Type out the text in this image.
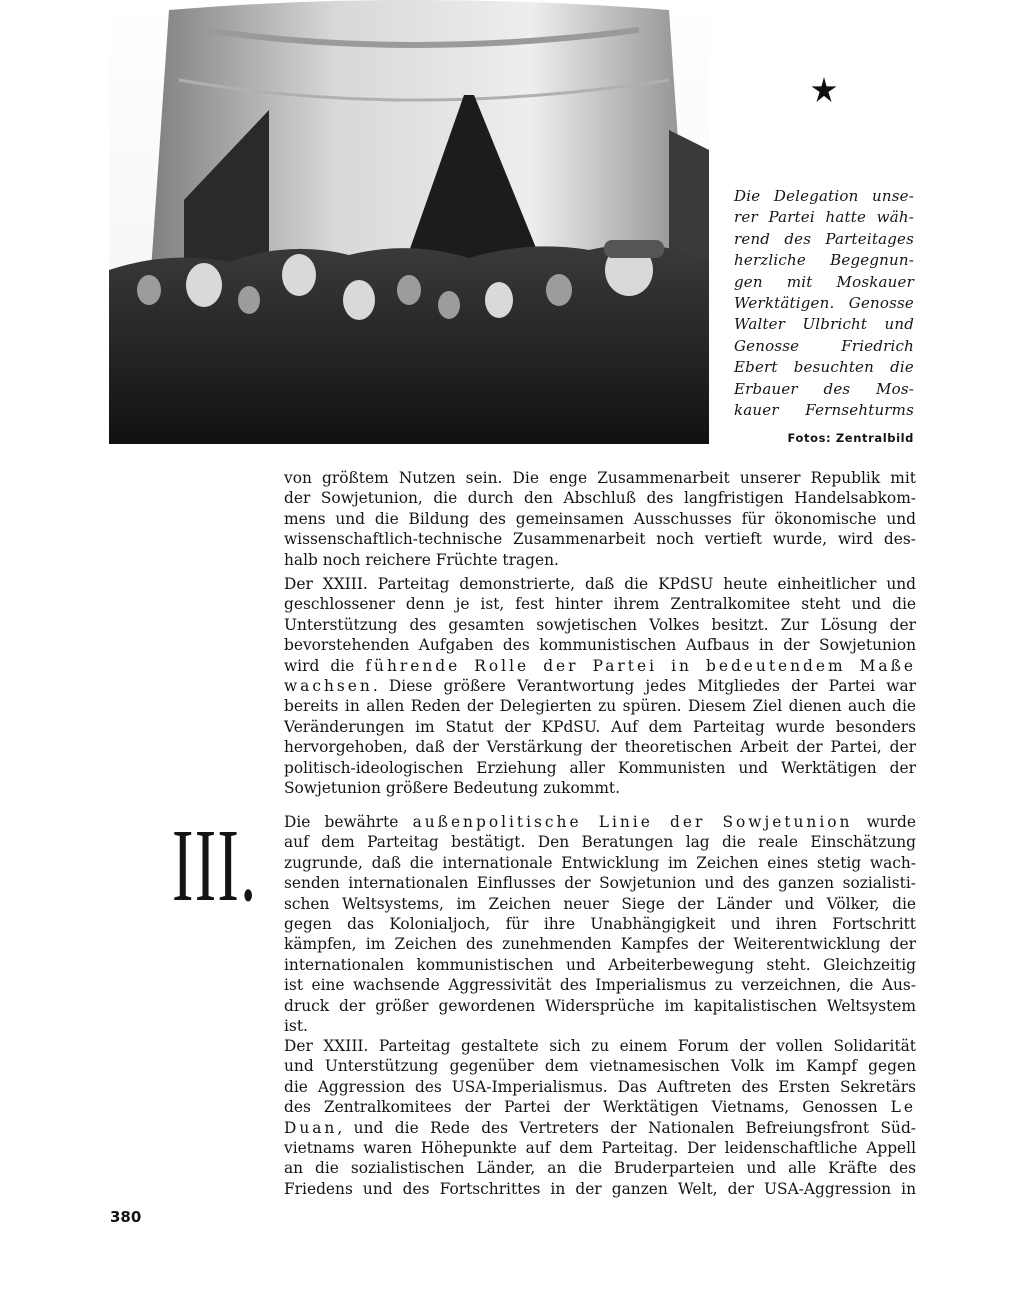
Die Delegation unse-
rer Partei hatte wäh-
rend des Parteitages
herzliche Begegnun-
gen mit Moskauer
Werktätigen. Genosse
Walter Ulbricht und
Genosse Friedrich
Ebert besuchten die
Erbauer des Mos-
kauer Fernsehturms
Fotos: Zentralbild
von größtem Nutzen sein. Die enge Zusammenarbeit unserer Republik mit
der Sowjetunion, die durch den Abschluß des langfristigen Handelsabkom-
mens und die Bildung des gemeinsamen Ausschusses für ökonomische und
wissenschaftlich-technische Zusammenarbeit noch vertieft wurde, wird des-
halb noch reichere Früchte tragen.
Der XXIII. Parteitag demonstrierte, daß die KPdSU heute einheitlicher und
geschlossener denn je ist, fest hinter ihrem Zentralkomitee steht und die
Unterstützung des gesamten sowjetischen Volkes besitzt. Zur Lösung der
bevorstehenden Aufgaben des kommunistischen Aufbaus in der Sowjetunion
wird die führende Rolle der Partei in bedeutendem Maße
wachsen. Diese größere Verantwortung jedes Mitgliedes der Partei war
bereits in allen Reden der Delegierten zu spüren. Diesem Ziel dienen auch die
Veränderungen im Statut der KPdSU. Auf dem Parteitag wurde besonders
hervorgehoben, daß der Verstärkung der theoretischen Arbeit der Partei, der
politisch-ideologischen Erziehung aller Kommunisten und Werktätigen der
Sowjetunion größere Bedeutung zukommt.
III. Die bewährte außenpolitische Linie der Sowjetunion wurde
auf dem Parteitag bestätigt. Den Beratungen lag die reale Einschätzung
zugrunde, daß die internationale Entwicklung im Zeichen eines stetig wach-
senden internationalen Einflusses der Sowjetunion und des ganzen sozialisti-
schen Weltsystems, im Zeichen neuer Siege der Länder und Völker, die
gegen das Kolonialjoch, für ihre Unabhängigkeit und ihren Fortschritt
kämpfen, im Zeichen des zunehmenden Kampfes der Weiterentwicklung der
internationalen kommunistischen und Arbeiterbewegung steht. Gleichzeitig
ist eine wachsende Aggressivität des Imperialismus zu verzeichnen, die Aus-
druck der größer gewordenen Widersprüche im kapitalistischen Weltsystem
ist.
Der XXIII. Parteitag gestaltete sich zu einem Forum der vollen Solidarität
und Unterstützung gegenüber dem vietnamesischen Volk im Kampf gegen
die Aggression des USA-Imperialismus. Das Auftreten des Ersten Sekretärs
des Zentralkomitees der Partei der Werktätigen Vietnams, Genossen Le
Duan, und die Rede des Vertreters der Nationalen Befreiungsfront Süd-
vietnams waren Höhepunkte auf dem Parteitag. Der leidenschaftliche Appell
an die sozialistischen Länder, an die Bruderparteien und alle Kräfte des
Friedens und des Fortschrittes in der ganzen Welt, der USA-Aggression in
380
